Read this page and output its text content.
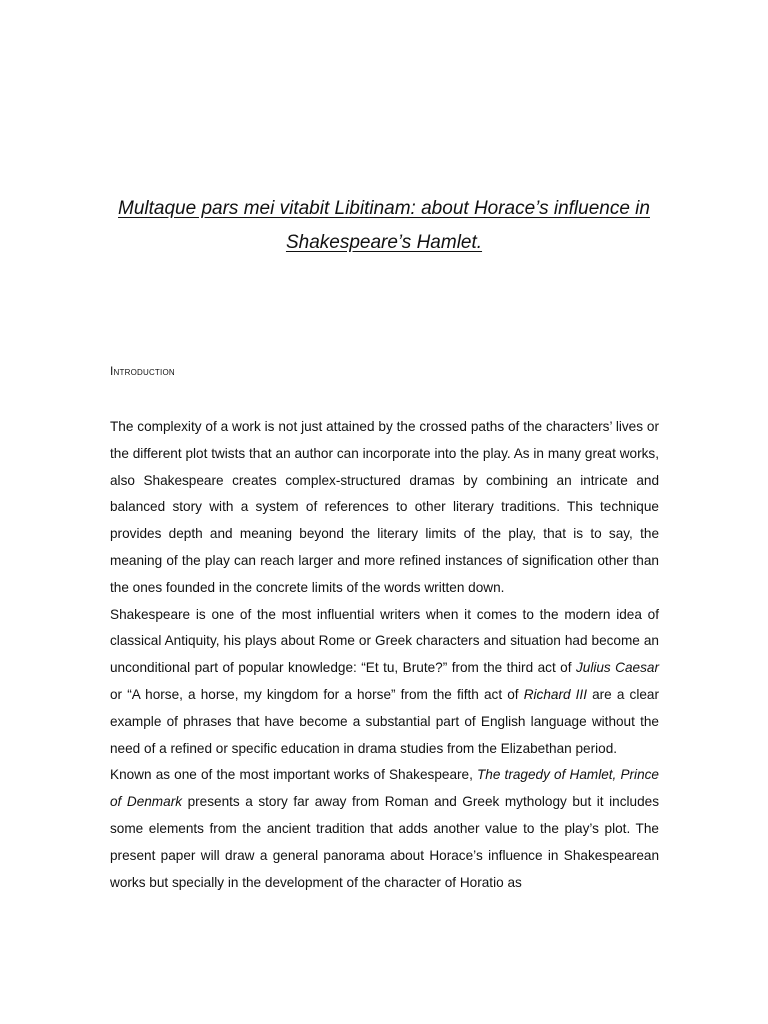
Multaque pars mei vitabit Libitinam: about Horace’s influence in
Shakespeare’s Hamlet.
Introduction

The complexity of a work is not just attained by the crossed paths of the characters’ lives or the different plot twists that an author can incorporate into the play. As in many great works, also Shakespeare creates complex-structured dramas by combining an intricate and balanced story with a system of references to other literary traditions. This technique provides depth and meaning beyond the literary limits of the play, that is to say, the meaning of the play can reach larger and more refined instances of signification other than the ones founded in the concrete limits of the words written down.

Shakespeare is one of the most influential writers when it comes to the modern idea of classical Antiquity, his plays about Rome or Greek characters and situation had become an unconditional part of popular knowledge: “Et tu, Brute?” from the third act of Julius Caesar or “A horse, a horse, my kingdom for a horse” from the fifth act of Richard III are a clear example of phrases that have become a substantial part of English language without the need of a refined or specific education in drama studies from the Elizabethan period.

Known as one of the most important works of Shakespeare, The tragedy of Hamlet, Prince of Denmark presents a story far away from Roman and Greek mythology but it includes some elements from the ancient tradition that adds another value to the play’s plot. The present paper will draw a general panorama about Horace’s influence in Shakespearean works but specially in the development of the character of Horatio as
